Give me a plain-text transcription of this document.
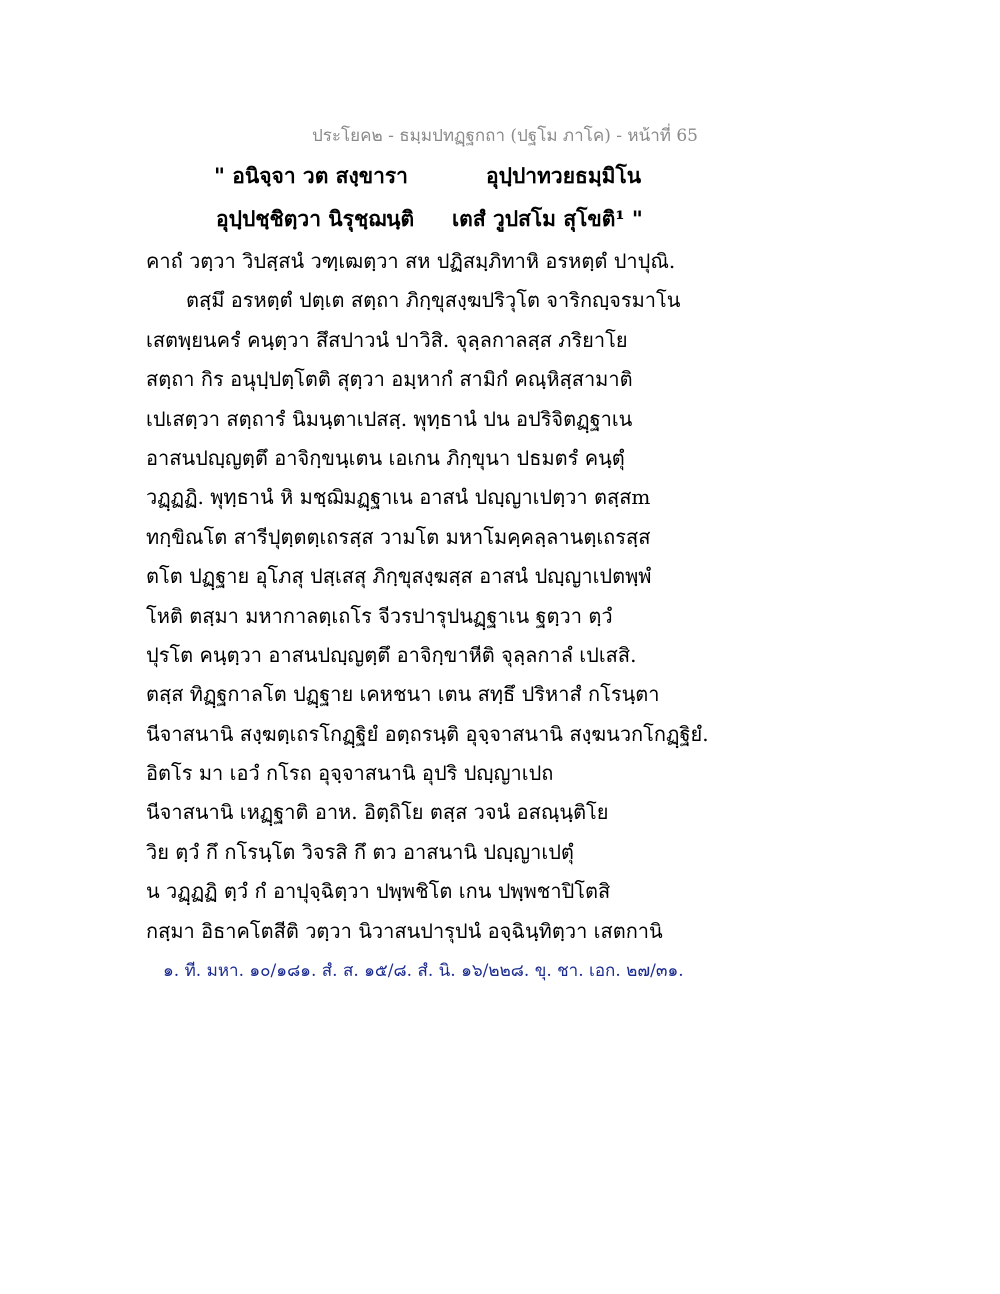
ประโยค๒ - ธมฺมปทฏฺฐกถา (ปฐโม ภาโค) - หน้าที่ 65
" อนิจฺจา วต สงฺขารา	อุปฺปาทวยธมฺมิโน
อุปฺปชฺชิตฺวา นิรุชฺฌนฺติ เตสํ วูปสโม สุโขติ¹ "
คาถํ วตฺวา วิปสฺสนํ วฑฺเฒตฺวา สห ปฏิสมฺภิทาหิ อรหตฺตํ ปาปุณิ.
ตสฺมึ อรหตฺตํ ปตฺเต สตฺถา ภิกฺขุสงฺฆปริวุโต จาริกญฺจรมาโน
เสตพฺยนครํ คนฺตฺวา สึสปาวนํ ปาวิสิ. จุลฺลกาลสฺส ภริยาโย
สตฺถา กิร อนุปฺปตฺโตติ สุตฺวา อมฺหากํ สามิกํ คณฺหิสฺสามาติ
เปเสตฺวา สตฺถารํ นิมนฺตาเปสสฺ. พุทฺธานํ ปน อปริจิตฏฺฐาเน
อาสนปญฺญตฺตึ อาจิกฺขนฺเตน เอเกน ภิกฺขุนา ปธมตรํ คนฺตุํ
วฏฺฏฏิ. พุทฺธานํ หิ มชฺฌิมฏฺฐาเน อาสนํ ปญฺญาเปตฺวา ตสฺสm
ทกฺขิณโต สารีปุตฺตตฺเถรสฺส วามโต มหาโมคฺคลฺลานตฺเถรสฺส
ตโต ปฏฺฐาย อุโภสุ ปสฺเสสุ ภิกฺขุสงฺฆสฺส อาสนํ ปญฺญาเปตพฺพํ
โหติ ตสฺมา มหากาลตฺเถโร จีวรปารุปนฏฺฐาเน ฐตฺวา ตฺวํ
ปุรโต คนฺตฺวา อาสนปญฺญตฺตึ อาจิกฺขาหีติ จุลฺลกาลํ เปเสสิ.
ตสฺส ทิฏฺฐกาลโต ปฏฺฐาย เคหชนา เตน สทฺธึ ปริหาสํ กโรนฺตา
นีจาสนานิ สงฺฆตฺเถรโกฏฺฐิยํ อตฺถรนฺติ อุจฺจาสนานิ สงฺฆนวกโกฏฺฐิยํ.
อิตโร มา เอวํ กโรถ อุจฺจาสนานิ อุปริ ปญฺญาเปถ
นีจาสนานิ เหฏฺฐาติ อาห. อิตฺถิโย ตสฺส วจนํ อสณฺนฺติโย
วิย ตฺวํ กึ กโรนฺโต วิจรสิ กึ ตว อาสนานิ ปญฺญาเปตุํ
น วฏฺฏฏิ ตฺวํ กํ อาปุจฺฉิตฺวา ปพฺพชิโต เกน ปพฺพชาปิโตสิ
กสฺมา อิธาคโตสีติ วตฺวา นิวาสนปารุปนํ อจฺฉินฺทิตฺวา เสตกานิ
๑. ที. มหา. ๑๐/๑๘๑. สํ. ส. ๑๕/๘. สํ. นิ. ๑๖/๒๒๘. ขุ. ชา. เอก. ๒๗/๓๑.
